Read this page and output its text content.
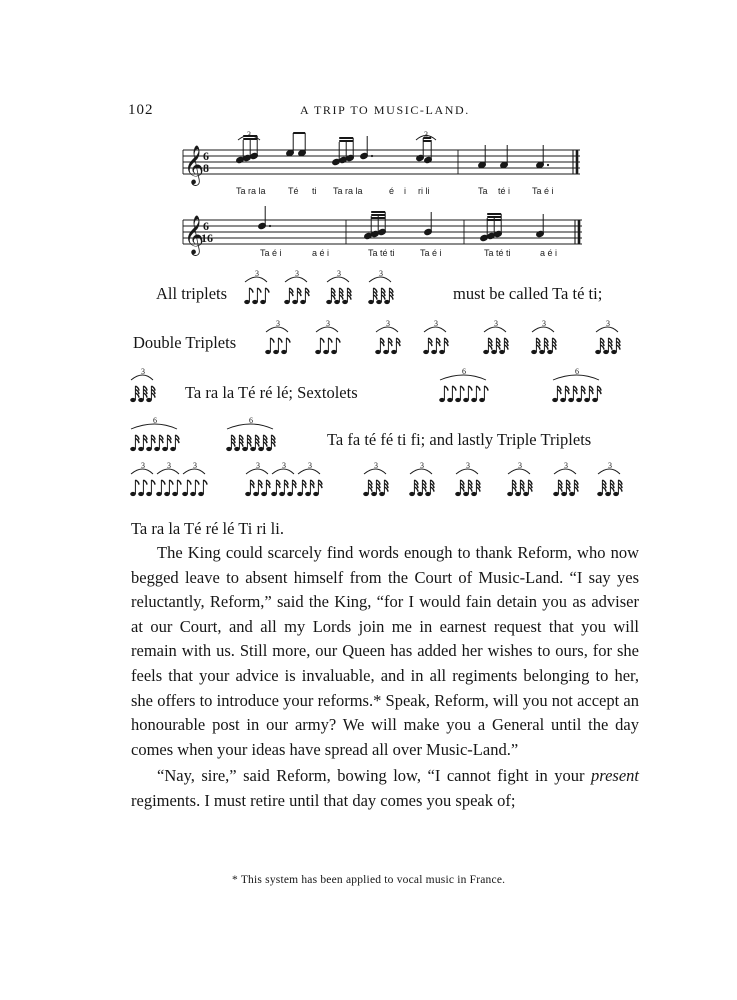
102	A TRIP TO MUSIC-LAND.
𝄞
𝄞
6
8
6
16
3	3
Ta ra la Té ti Ta ra la	é i ri li	Ta té i Ta é i
Ta é i	a é i	Ta té ti	Ta é i	Ta té ti	a é i
All triplets	must be called Ta té ti;
Double Triplets
Ta ra la Té ré lé; Sextolets
Ta fa té fé ti fi; and lastly Triple Triplets
Ta ra la Té ré lé Ti ri li.
3	3	3	3
3	3	3	3	3	3	3
3	6	6
6	6
3	3	3	3	3	3	3	3	3	3	3	3

The King could scarcely find words enough to thank Reform, who now begged leave to absent himself from the Court of Music-Land. “I say yes reluctantly, Reform,” said the King, “for I would fain detain you as adviser at our Court, and all my Lords join me in earnest request that you will remain with us. Still more, our Queen has added her wishes to ours, for she feels that your advice is invaluable, and in all regiments belonging to her, she offers to introduce your reforms.* Speak, Reform, will you not accept an honourable post in our army? We will make you a General until the day comes when your ideas have spread all over Music-Land.”

“Nay, sire,” said Reform, bowing low, “I cannot fight in your present regiments. I must retire until that day comes you speak of;

* This system has been applied to vocal music in France.
